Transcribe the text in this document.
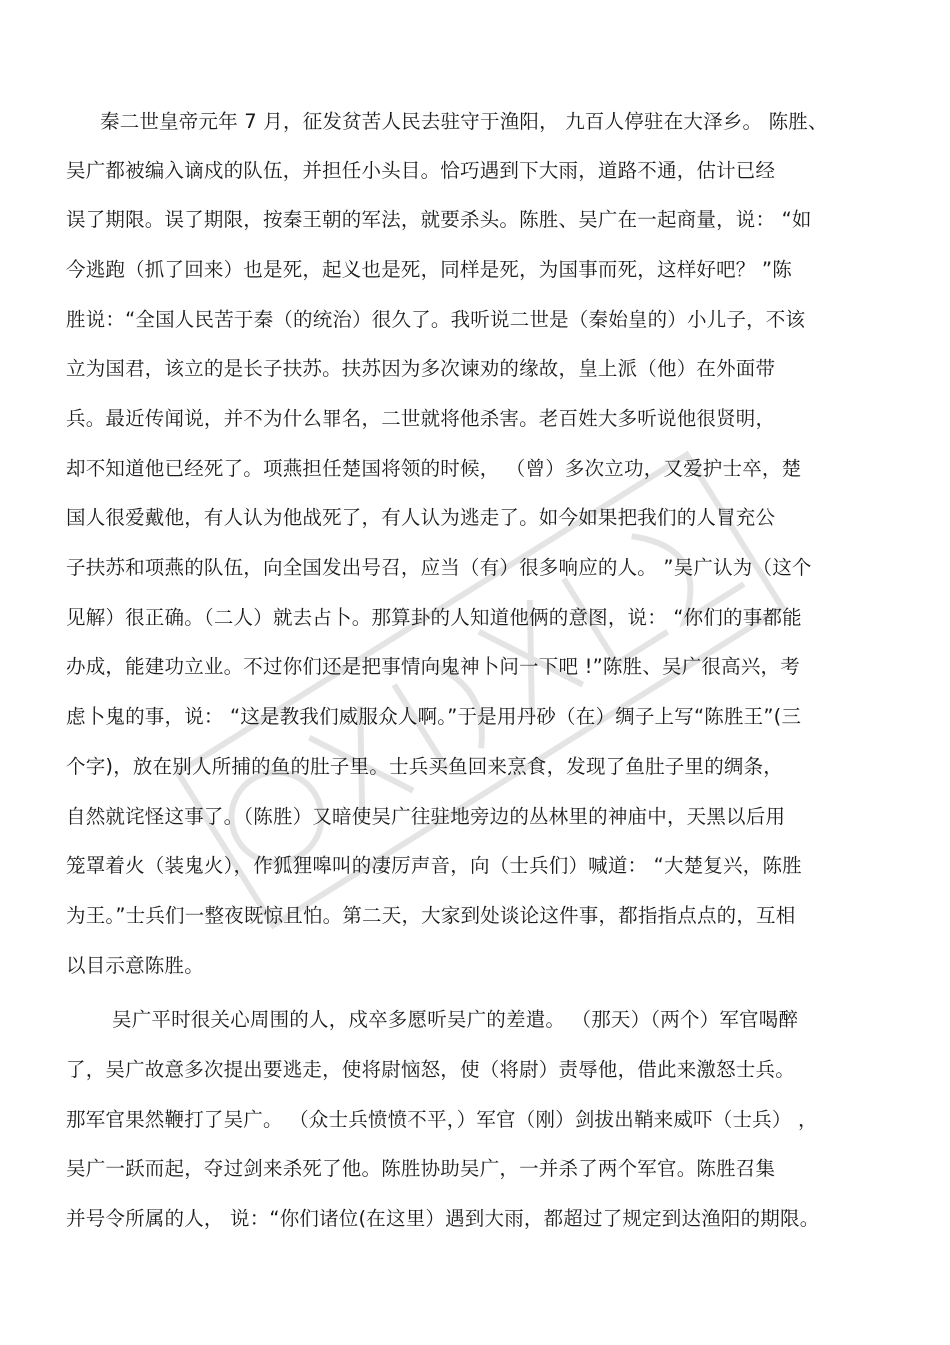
秦二世皇帝元年 7 月，征发贫苦人民去驻守于渔阳， 九百人停驻在大泽乡。 陈胜、
吴广都被编入谪戍的队伍，并担任小头目。恰巧遇到下大雨，道路不通，估计已经
误了期限。误了期限，按秦王朝的军法，就要杀头。陈胜、吴广在一起商量，说： “如
今逃跑（抓了回来）也是死，起义也是死，同样是死，为国事而死，这样好吧？ ”陈
胜说：“全国人民苦于秦（的统治）很久了。我听说二世是（秦始皇的）小儿子，不该
立为国君，该立的是长子扶苏。扶苏因为多次谏劝的缘故，皇上派（他）在外面带
兵。最近传闻说，并不为什么罪名，二世就将他杀害。老百姓大多听说他很贤明，
却不知道他已经死了。项燕担任楚国将领的时候， （曾）多次立功，又爱护士卒，楚
国人很爱戴他，有人认为他战死了，有人认为逃走了。如今如果把我们的人冒充公
子扶苏和项燕的队伍，向全国发出号召，应当（有）很多响应的人。 ”吴广认为（这个
见解）很正确。（二人）就去占卜。那算卦的人知道他俩的意图，说： “你们的事都能
办成，能建功立业。不过你们还是把事情向鬼神卜问一下吧 !”陈胜、吴广很高兴，考
虑卜鬼的事，说： “这是教我们威服众人啊。”于是用丹砂（在）绸子上写“陈胜王”(三
个字)，放在别人所捕的鱼的肚子里。士兵买鱼回来烹食，发现了鱼肚子里的绸条，
自然就诧怪这事了。（陈胜）又暗使吴广往驻地旁边的丛林里的神庙中，天黑以后用
笼罩着火（装鬼火），作狐狸嗥叫的凄厉声音，向（士兵们）喊道： “大楚复兴，陈胜
为王。”士兵们一整夜既惊且怕。第二天，大家到处谈论这件事，都指指点点的，互相
以目示意陈胜。
吴广平时很关心周围的人，戍卒多愿听吴广的差遣。 （那天）（两个）军官喝醉
了，吴广故意多次提出要逃走，使将尉恼怒，使（将尉）责辱他，借此来激怒士兵。
那军官果然鞭打了吴广。 （众士兵愤愤不平，）军官（刚）剑拔出鞘来威吓（士兵） ，
吴广一跃而起，夺过剑来杀死了他。陈胜协助吴广，一并杀了两个军官。陈胜召集
并号令所属的人， 说：“你们诸位(在这里）遇到大雨，都超过了规定到达渔阳的期限。
